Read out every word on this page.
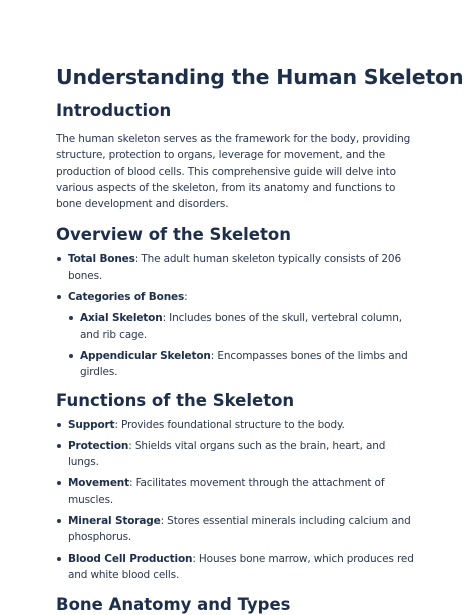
Understanding the Human Skeleton
Introduction

The human skeleton serves as the framework for the body, providing structure, protection to organs, leverage for movement, and the production of blood cells. This comprehensive guide will delve into various aspects of the skeleton, from its anatomy and functions to bone development and disorders.

Overview of the Skeleton
Total Bones: The adult human skeleton typically consists of 206 bones.
Categories of Bones:
Axial Skeleton: Includes bones of the skull, vertebral column, and rib cage.
Appendicular Skeleton: Encompasses bones of the limbs and girdles.
Functions of the Skeleton
Support: Provides foundational structure to the body.
Protection: Shields vital organs such as the brain, heart, and lungs.
Movement: Facilitates movement through the attachment of muscles.
Mineral Storage: Stores essential minerals including calcium and phosphorus.
Blood Cell Production: Houses bone marrow, which produces red and white blood cells.
Bone Anatomy and Types
